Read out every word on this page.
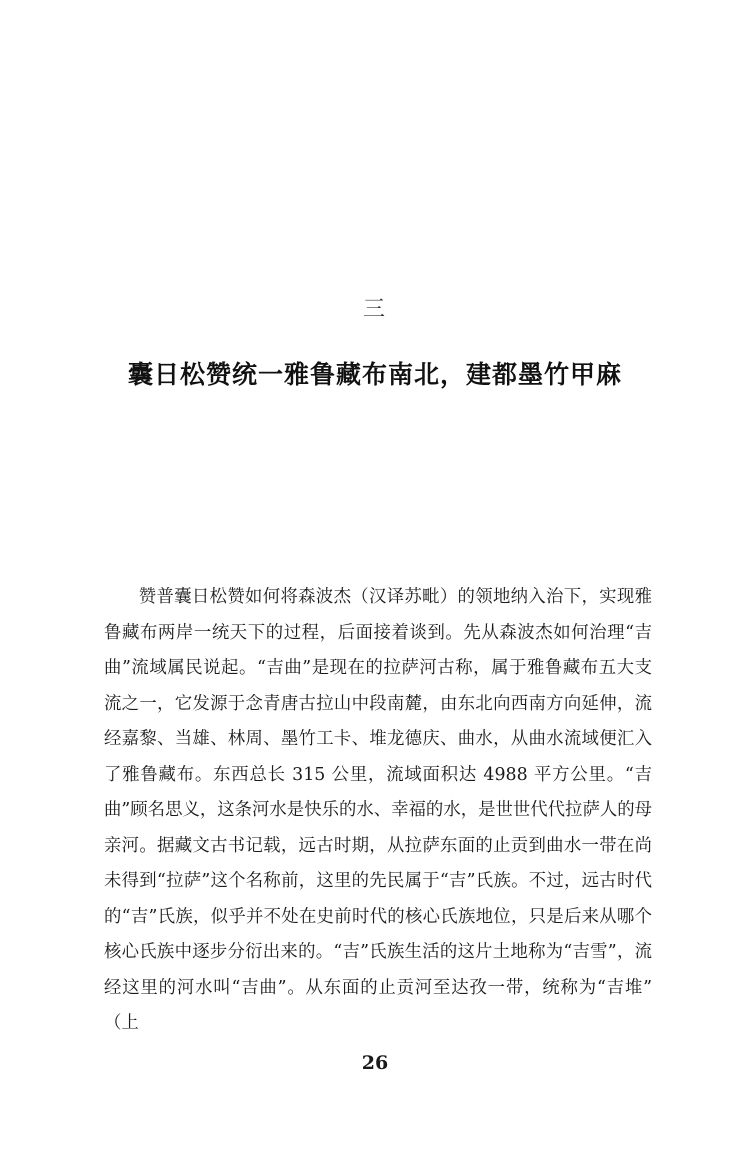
三
囊日松赞统一雅鲁藏布南北，建都墨竹甲麻

赞普囊日松赞如何将森波杰（汉译苏毗）的领地纳入治下，实现雅鲁藏布两岸一统天下的过程，后面接着谈到。先从森波杰如何治理“吉曲”流域属民说起。“吉曲”是现在的拉萨河古称，属于雅鲁藏布五大支流之一，它发源于念青唐古拉山中段南麓，由东北向西南方向延伸，流经嘉黎、当雄、林周、墨竹工卡、堆龙德庆、曲水，从曲水流域便汇入了雅鲁藏布。东西总长 315 公里，流域面积达 4988 平方公里。“吉曲”顾名思义，这条河水是快乐的水、幸福的水，是世世代代拉萨人的母亲河。据藏文古书记载，远古时期，从拉萨东面的止贡到曲水一带在尚未得到“拉萨”这个名称前，这里的先民属于“吉”氏族。不过，远古时代的“吉”氏族，似乎并不处在史前时代的核心氏族地位，只是后来从哪个核心氏族中逐步分衍出来的。“吉”氏族生活的这片土地称为“吉雪”，流经这里的河水叫“吉曲”。从东面的止贡河至达孜一带，统称为“吉堆”（上

26
